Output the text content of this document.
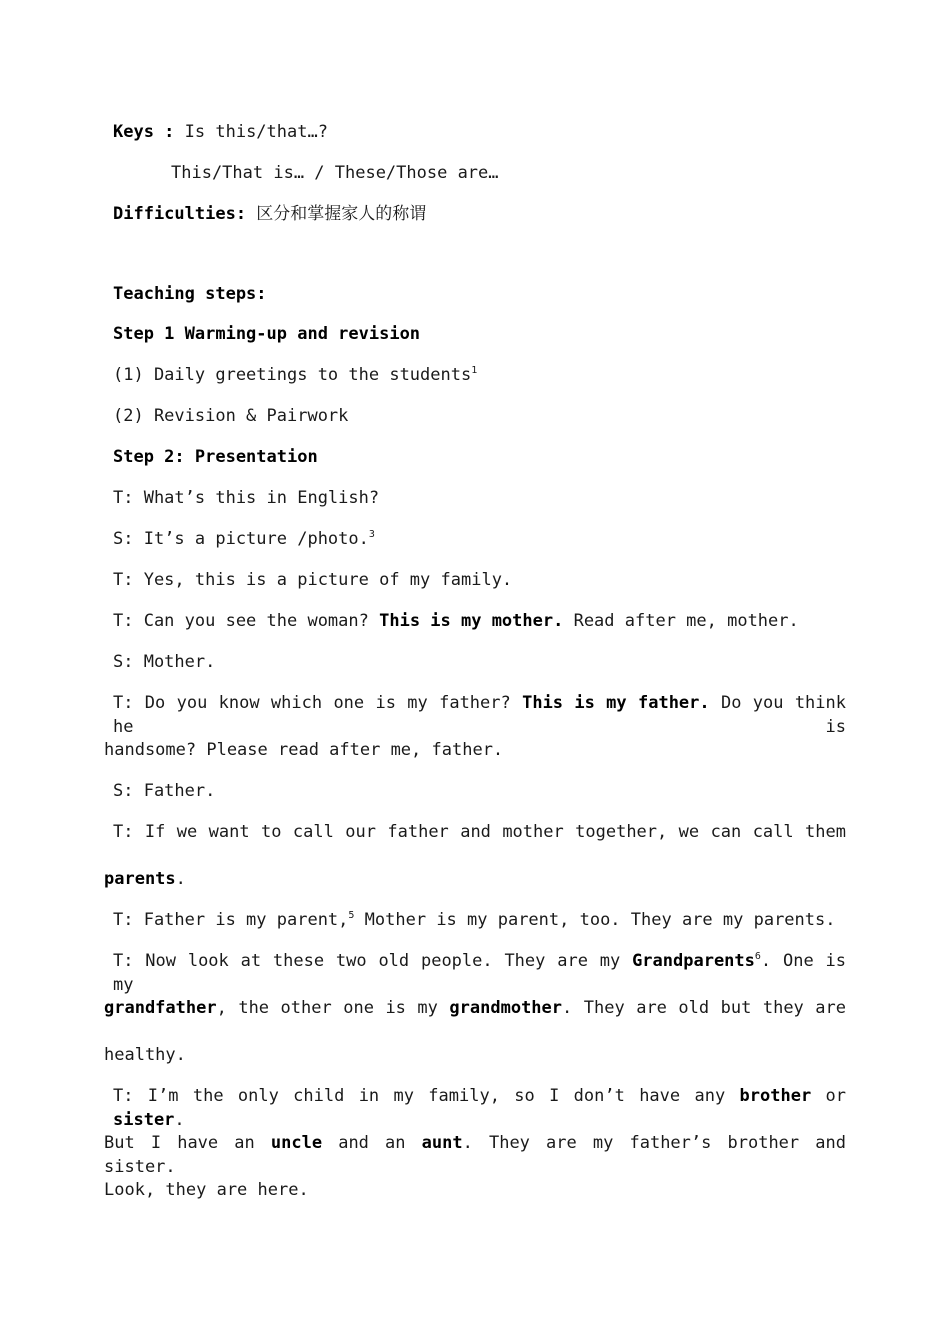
Keys : Is this/that…?
This/That is… / These/Those are…
Difficulties: 区分和掌握家人的称谓
Teaching steps:
Step 1 Warming-up and revision
(1) Daily greetings to the students$^1$
(2) Revision & Pairwork
Step 2: Presentation
T: What’s this in English?
S: It’s a picture /photo.$^3$
T: Yes, this is a picture of my family.
T: Can you see the woman? This is my mother. Read after me, mother.
S: Mother.
T: Do you know which one is my father? This is my father. Do you think he is
handsome? Please read after me, father.
S: Father.
T: If we want to call our father and mother together, we can call them
parents.
T: Father is my parent,$^5$ Mother is my parent, too. They are my parents.
T: Now look at these two old people. They are my Grandparents$^6$. One is my
grandfather, the other one is my grandmother. They are old but they are
healthy.
T: I’m the only child in my family, so I don’t have any brother or sister.
But I have an uncle and an aunt. They are my father’s brother and sister.
Look, they are here.
